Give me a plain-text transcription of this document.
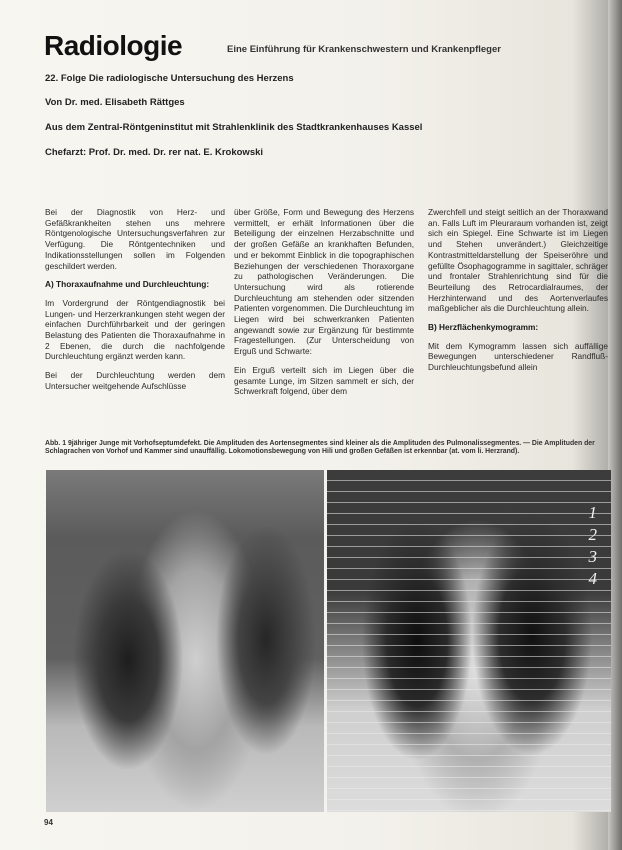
Radiologie	Eine Einführung für Krankenschwestern und Krankenpfleger
22. Folge Die radiologische Untersuchung des Herzens
Von Dr. med. Elisabeth Rättges
Aus dem Zentral-Röntgeninstitut mit Strahlenklinik des Stadtkrankenhauses Kassel
Chefarzt: Prof. Dr. med. Dr. rer nat. E. Krokowski

Bei der Diagnostik von Herz- und Gefäßkrankheiten stehen uns mehrere Röntgenologische Untersuchungsverfahren zur Verfügung. Die Röntgentechniken und Indikationsstellungen sollen im Folgenden geschildert werden.

A) Thoraxaufnahme und Durchleuchtung:

Im Vordergrund der Röntgendiagnostik bei Lungen- und Herzerkrankungen steht wegen der einfachen Durchführbarkeit und der geringen Belastung des Patienten die Thoraxaufnahme in 2 Ebenen, die durch die nachfolgende Durchleuchtung ergänzt werden kann.

Bei der Durchleuchtung werden dem Untersucher weitgehende Aufschlüsse

über Größe, Form und Bewegung des Herzens vermittelt, er erhält Informationen über die Beteiligung der einzelnen Herzabschnitte und der großen Gefäße an krankhaften Befunden, und er bekommt Einblick in die topographischen Beziehungen der verschiedenen Thoraxorgane zu pathologischen Veränderungen. Die Untersuchung wird als rotierende Durchleuchtung am stehenden oder sitzenden Patienten vorgenommen. Die Durchleuchtung im Liegen wird bei schwerkranken Patienten angewandt sowie zur Ergänzung für bestimmte Fragestellungen. (Zur Unterscheidung von Erguß und Schwarte:

Ein Erguß verteilt sich im Liegen über die gesamte Lunge, im Sitzen sammelt er sich, der Schwerkraft folgend, über dem

Zwerchfell und steigt seitlich an der Thoraxwand an. Falls Luft im Pleuraraum vorhanden ist, zeigt sich ein Spiegel. Eine Schwarte ist im Liegen und Stehen unverändert.) Gleichzeitige Kontrastmitteldarstellung der Speiseröhre und gefüllte Ösophagogramme in sagittaler, schräger und frontaler Strahlenrichtung sind für die Beurteilung des Retrocardialraumes, der Herzhinterwand und des Aortenverlaufes maßgeblicher als die Durchleuchtung allein.

B) Herzflächenkymogramm:

Mit dem Kymogramm lassen sich auffällige Bewegungen unterschiedener Randfluß-Durchleuchtungsbefund allein

Abb. 1 9jähriger Junge mit Vorhofseptumdefekt. Die Amplituden des Aortensegmentes sind kleiner als die Amplituden des Pulmonalissegmentes. — Die Amplituden der Schlagrachen von Vorhof und Kammer sind unauffällig. Lokomotionsbewegung von Hili und großen Gefäßen ist erkennbar (at. vom li. Herzrand).
1
2
3
4
94
